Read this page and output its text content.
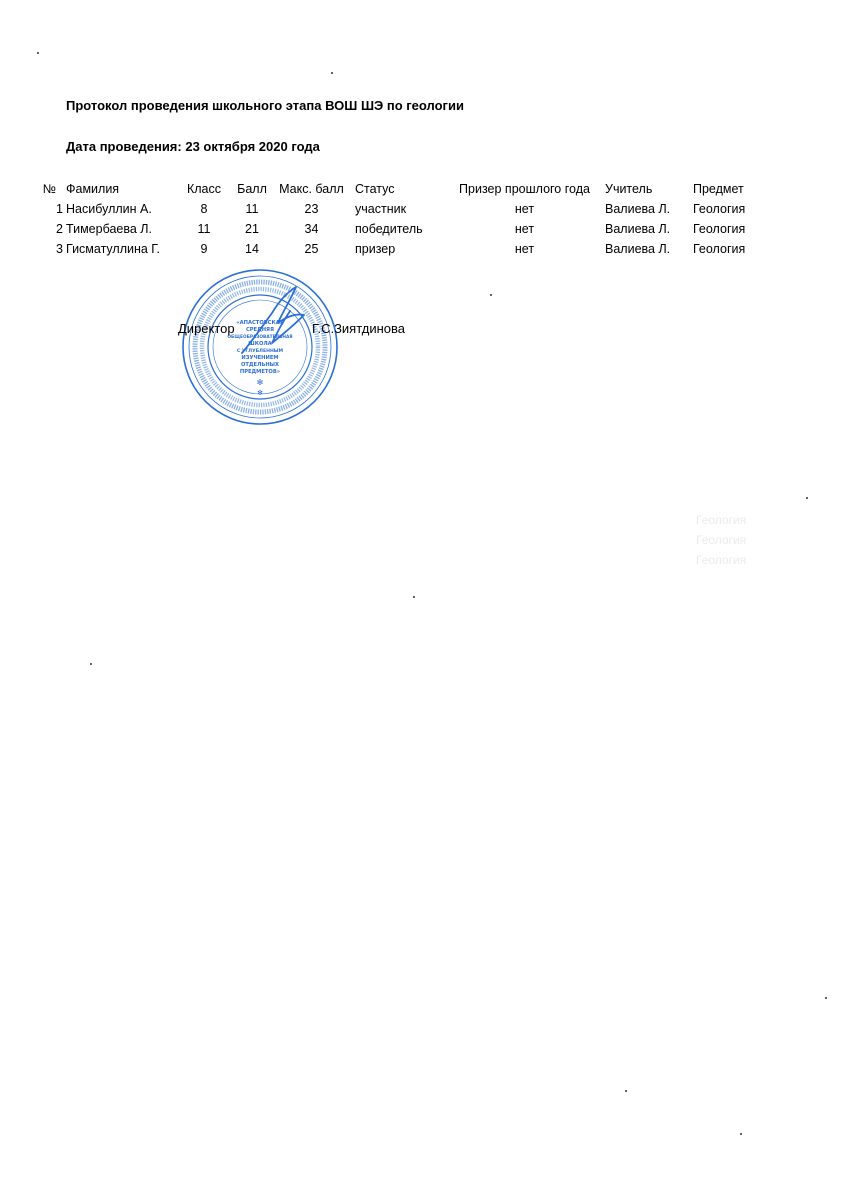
Протокол проведения школьного этапа ВОШ ШЭ по геологии
Дата проведения: 23 октября 2020 года
№	Фамилия	Класс	Балл	Макс. балл	Статус	Призер прошлого года	Учитель	Предмет
1	Насибуллин А.	8	11	23	участник	нет	Валиева Л.	Геология
2	Тимербаева Л.	11	21	34	победитель	нет	Валиева Л.	Геология
3	Гисматуллина Г.	9	14	25	призер	нет	Валиева Л.	Геология
«АПАСТОВСКАЯ
СРЕДНЯЯ
ОБЩЕОБРАЗОВАТЕЛЬНАЯ
ШКОЛА
С УГЛУБЛЕННЫМ
ИЗУЧЕНИЕМ
ОТДЕЛЬНЫХ
ПРЕДМЕТОВ»
✻
✻
Директор	Г.С.Зиятдинова
Геология
Геология
Геология
